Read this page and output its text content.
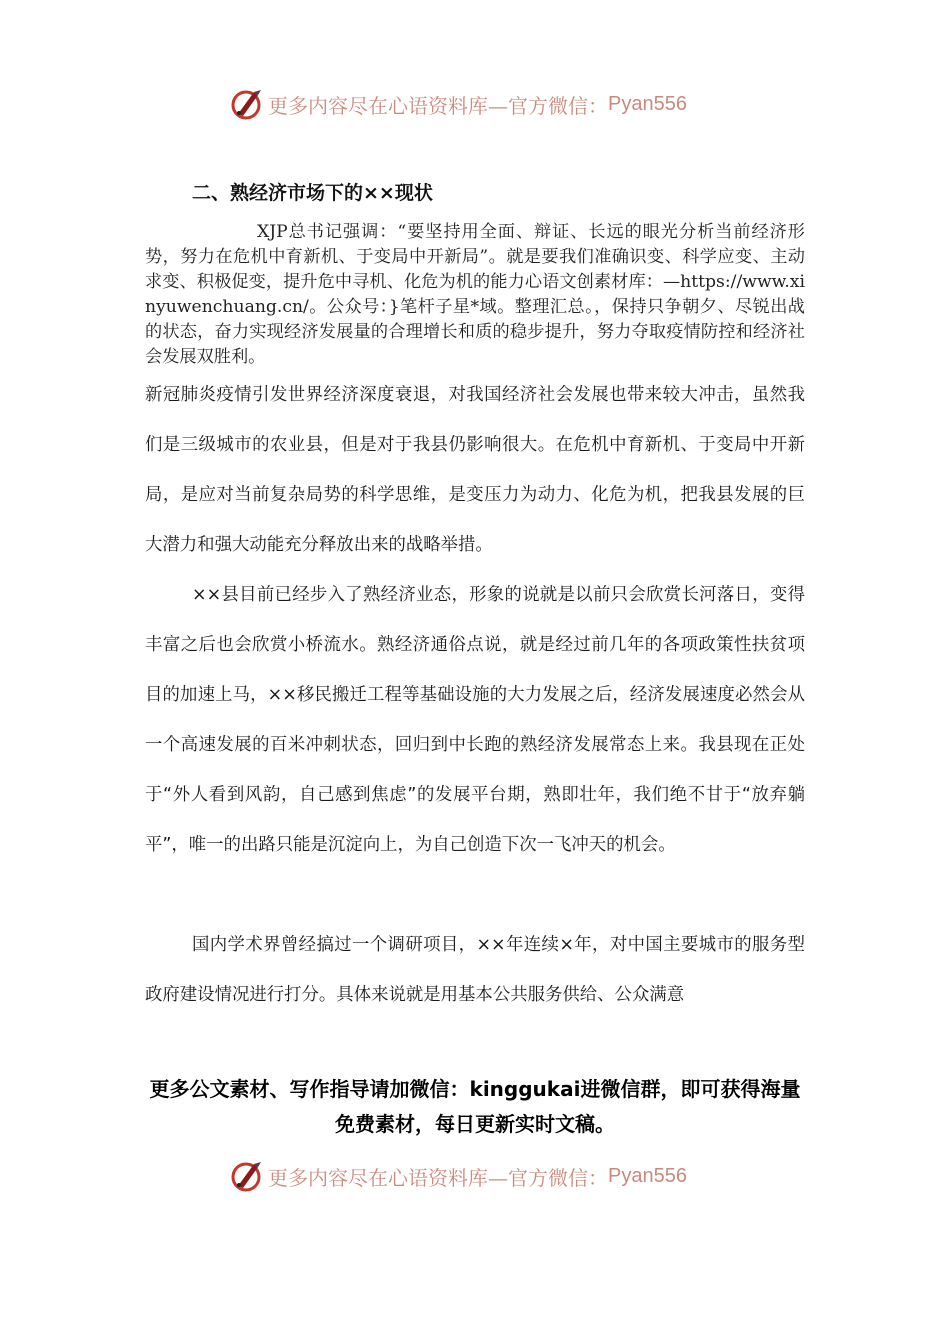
更多内容尽在心语资料库—官方微信： Pyan556
二、熟经济市场下的××现状
XJP总书记强调：“要坚持用全面、辩证、长远的眼光分析当前经济形势，努力在危机中育新机、于变局中开新局”。就是要我们准确识变、科学应变、主动求变、积极促变，提升危中寻机、化危为机的能力心语文创素材库：—https://www.xinyuwenchuang.cn/。公众号：}笔杆子星*域。整理汇总。，保持只争朝夕、尽锐出战的状态，奋力实现经济发展量的合理增长和质的稳步提升，努力夺取疫情防控和经济社会发展双胜利。
新冠肺炎疫情引发世界经济深度衰退，对我国经济社会发展也带来较大冲击，虽然我们是三级城市的农业县，但是对于我县仍影响很大。在危机中育新机、于变局中开新局，是应对当前复杂局势的科学思维，是变压力为动力、化危为机，把我县发展的巨大潜力和强大动能充分释放出来的战略举措。
××县目前已经步入了熟经济业态，形象的说就是以前只会欣赏长河落日，变得丰富之后也会欣赏小桥流水。熟经济通俗点说，就是经过前几年的各项政策性扶贫项目的加速上马，××移民搬迁工程等基础设施的大力发展之后，经济发展速度必然会从一个高速发展的百米冲刺状态，回归到中长跑的熟经济发展常态上来。我县现在正处于“外人看到风韵，自己感到焦虑”的发展平台期，熟即壮年，我们绝不甘于“放弃躺平”，唯一的出路只能是沉淀向上，为自己创造下次一飞冲天的机会。
国内学术界曾经搞过一个调研项目，××年连续×年，对中国主要城市的服务型政府建设情况进行打分。具体来说就是用基本公共服务供给、公众满意
更多公文素材、写作指导请加微信：kinggukai进微信群，即可获得海量免费素材，每日更新实时文稿。
更多内容尽在心语资料库—官方微信： Pyan556
